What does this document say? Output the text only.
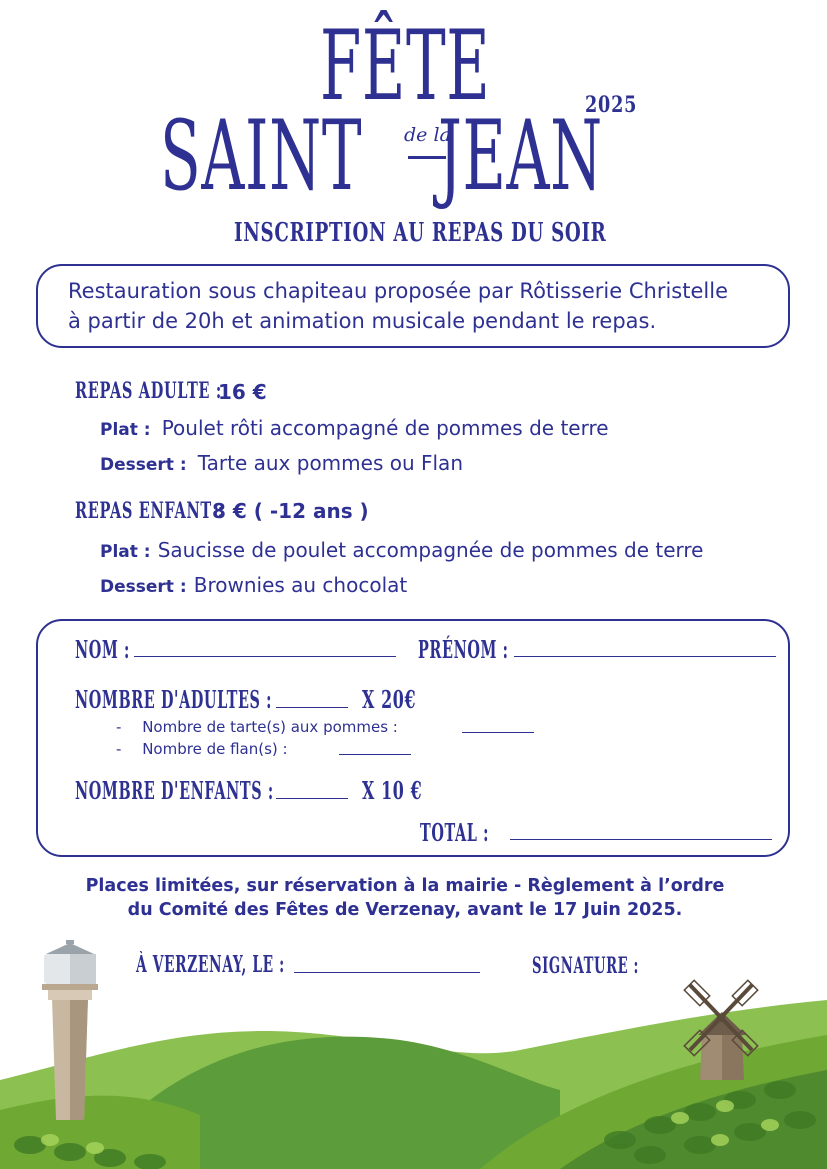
FÊTE
SAINT	de la
JEAN
2025
INSCRIPTION AU REPAS DU SOIR
Restauration sous chapiteau proposée par Rôtisserie Christelle
à partir de 20h et animation musicale pendant le repas.
REPAS ADULTE :
16 €
Plat : Poulet rôti accompagné de pommes de terre
Dessert : Tarte aux pommes ou Flan
REPAS ENFANT :
8 € ( -12 ans )
Plat : Saucisse de poulet accompagnée de pommes de terre
Dessert : Brownies au chocolat
NOM :	PRÉNOM :
NOMBRE D'ADULTES :	X 20€
- Nombre de tarte(s) aux pommes :
- Nombre de flan(s) :
NOMBRE D'ENFANTS :	X 10 €
TOTAL :
Places limitées, sur réservation à la mairie - Règlement à l’ordre
du Comité des Fêtes de Verzenay, avant le 17 Juin 2025.
À VERZENAY, LE :	SIGNATURE :
